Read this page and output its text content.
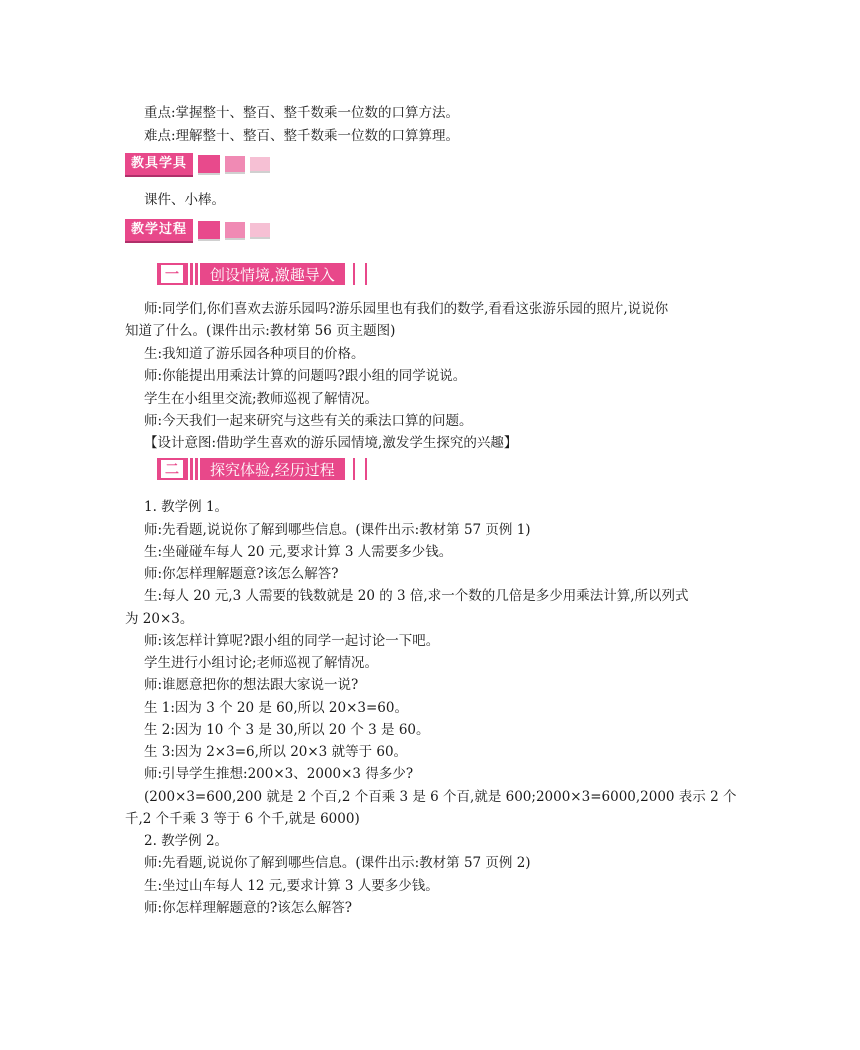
重点:掌握整十、整百、整千数乘一位数的口算方法。
难点:理解整十、整百、整千数乘一位数的口算算理。
教具学具
课件、小棒。
教学过程
一	创设情境,激趣导入
师:同学们,你们喜欢去游乐园吗?游乐园里也有我们的数学,看看这张游乐园的照片,说说你
知道了什么。(课件出示:教材第 56 页主题图)
生:我知道了游乐园各种项目的价格。
师:你能提出用乘法计算的问题吗?跟小组的同学说说。
学生在小组里交流;教师巡视了解情况。
师:今天我们一起来研究与这些有关的乘法口算的问题。
【设计意图:借助学生喜欢的游乐园情境,激发学生探究的兴趣】
二	探究体验,经历过程
1. 教学例 1。
师:先看题,说说你了解到哪些信息。(课件出示:教材第 57 页例 1)
生:坐碰碰车每人 20 元,要求计算 3 人需要多少钱。
师:你怎样理解题意?该怎么解答?
生:每人 20 元,3 人需要的钱数就是 20 的 3 倍,求一个数的几倍是多少用乘法计算,所以列式
为 20×3。
师:该怎样计算呢?跟小组的同学一起讨论一下吧。
学生进行小组讨论;老师巡视了解情况。
师:谁愿意把你的想法跟大家说一说?
生 1:因为 3 个 20 是 60,所以 20×3=60。
生 2:因为 10 个 3 是 30,所以 20 个 3 是 60。
生 3:因为 2×3=6,所以 20×3 就等于 60。
师:引导学生推想:200×3、2000×3 得多少?
(200×3=600,200 就是 2 个百,2 个百乘 3 是 6 个百,就是 600;2000×3=6000,2000 表示 2 个
千,2 个千乘 3 等于 6 个千,就是 6000)
2. 教学例 2。
师:先看题,说说你了解到哪些信息。(课件出示:教材第 57 页例 2)
生:坐过山车每人 12 元,要求计算 3 人要多少钱。
师:你怎样理解题意的?该怎么解答?
